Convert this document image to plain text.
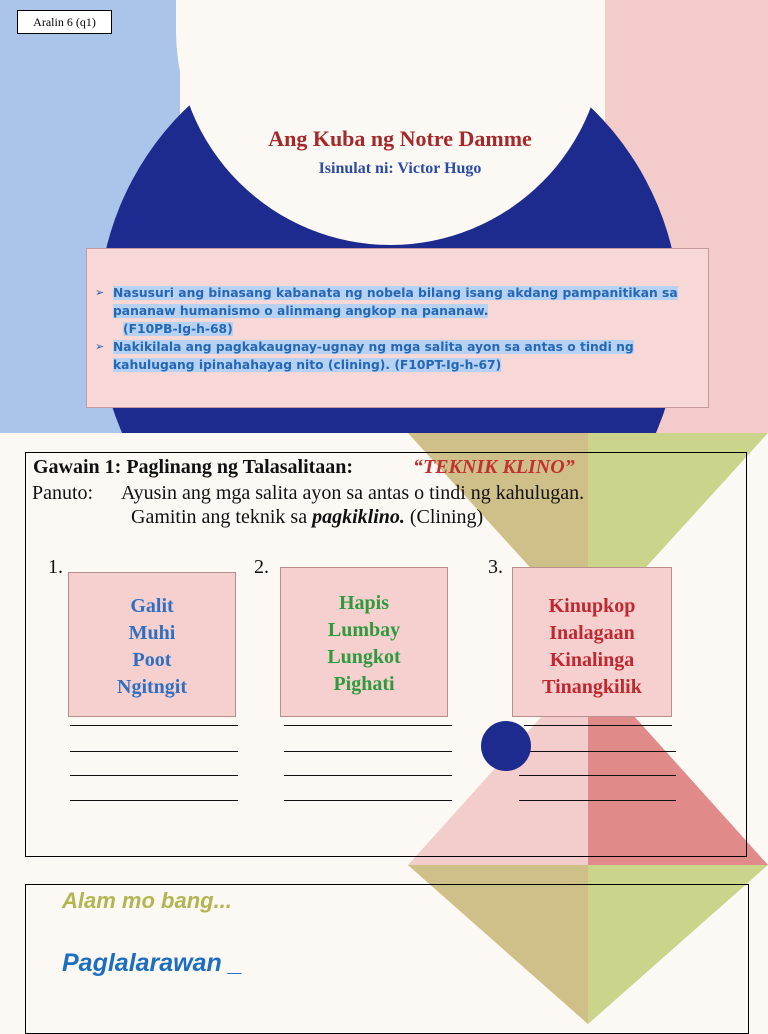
Aralin 6 (q1)
Ang Kuba ng Notre Damme
Isinulat ni: Victor Hugo
➢ Nasusuri ang binasang kabanata ng nobela bilang isang akdang pampanitikan sa pananaw humanismo o alinmang angkop na pananaw.
(F10PB-Ig-h-68)
➢ Nakikilala ang pagkakaugnay-ugnay ng mga salita ayon sa antas o tindi ng kahulugang ipinahahayag nito (clining). (F10PT-Ig-h-67)
Gawain 1: Paglinang ng Talasalitaan:	“TEKNIK KLINO”
Panuto: Ayusin ang mga salita ayon sa antas o tindi ng kahulugan.
Gamitin ang teknik sa pagkiklino. (Clining)
1.
Galit
Muhi
Poot
Ngitngit
2.
Hapis
Lumbay
Lungkot
Pighati
3.
Kinupkop
Inalagaan
Kinalinga
Tinangkilik
Alam mo bang...
Paglalarawan _
